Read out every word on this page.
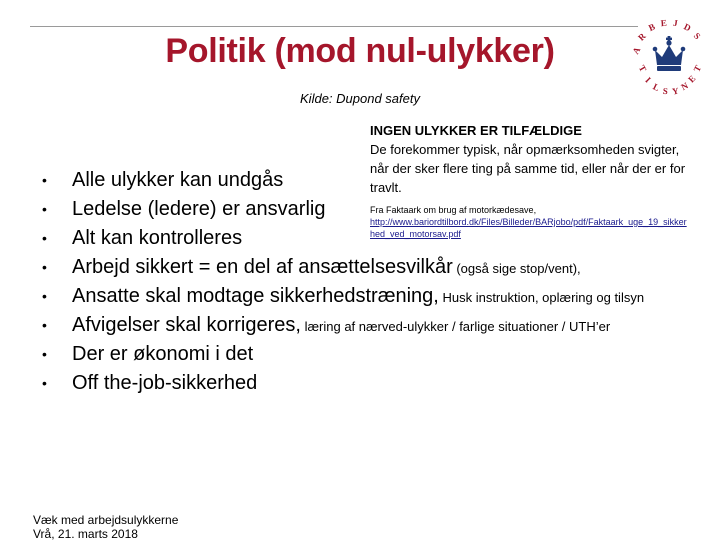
Politik (mod nul-ulykker)
Kilde: Dupond safety
A
R
B E J D
S
T
I
L S Y N
E
T
INGEN ULYKKER ER TILFÆLDIGE
De forekommer typisk, når opmærksomheden svigter, når der sker flere ting på samme tid, eller når der er for travlt.
Fra Faktaark om brug af motorkædesave,
http://www.bariordtilbord.dk/Files/Billeder/BARjobo/pdf/Faktaark_uge_19_sikkerhed_ved_motorsav.pdf
• Alle ulykker kan undgås
• Ledelse (ledere) er ansvarlig
• Alt kan kontrolleres
• Arbejd sikkert = en del af ansættelsesvilkår (også sige stop/vent),
• Ansatte skal modtage sikkerhedstræning, Husk instruktion, oplæring og tilsyn
• Afvigelser skal korrigeres, læring af nærved-ulykker / farlige situationer / UTH’er
• Der er økonomi i det
• Off the-job-sikkerhed
Væk med arbejdsulykkerne
Vrå, 21. marts 2018
